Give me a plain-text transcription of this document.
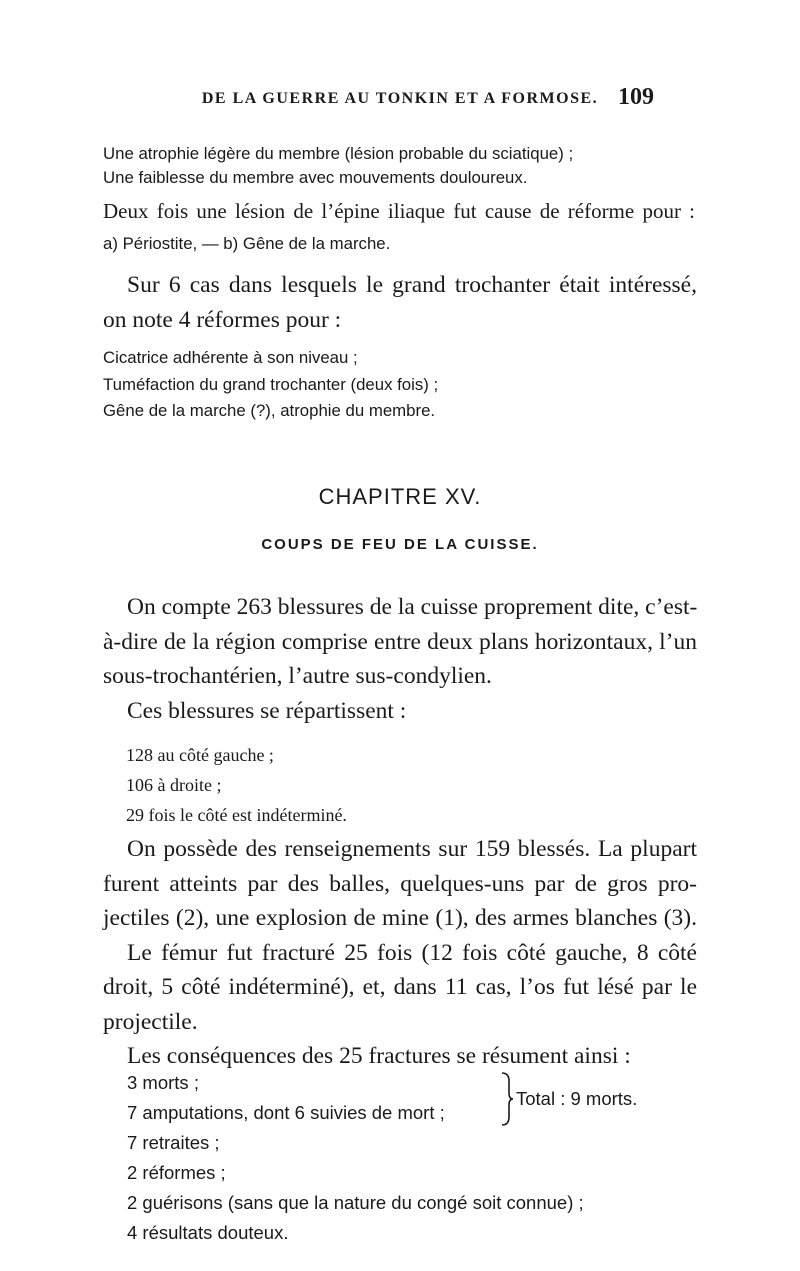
DE LA GUERRE AU TONKIN ET A FORMOSE. 109
Une atrophie légère du membre (lésion probable du sciatique) ;
Une faiblesse du membre avec mouvements douloureux.
Deux fois une lésion de l’épine iliaque fut cause de réforme pour :
a) Périostite, — b) Gêne de la marche.
Sur 6 cas dans lesquels le grand trochanter était intéressé,
on note 4 réformes pour :
Cicatrice adhérente à son niveau ;
Tuméfaction du grand trochanter (deux fois) ;
Gêne de la marche (?), atrophie du membre.
CHAPITRE XV.
COUPS DE FEU DE LA CUISSE.
On compte 263 blessures de la cuisse proprement dite, c’est-
à-dire de la région comprise entre deux plans horizontaux, l’un
sous-trochantérien, l’autre sus-condylien.
Ces blessures se répartissent :
128 au côté gauche ;
106 à droite ;
29 fois le côté est indéterminé.
On possède des renseignements sur 159 blessés. La plupart
furent atteints par des balles, quelques-uns par de gros pro-
jectiles (2), une explosion de mine (1), des armes blanches (3).
Le fémur fut fracturé 25 fois (12 fois côté gauche, 8 côté
droit, 5 côté indéterminé), et, dans 11 cas, l’os fut lésé par le
projectile.
Les conséquences des 25 fractures se résument ainsi :
3 morts ;
7 amputations, dont 6 suivies de mort ;
7 retraites ;
2 réformes ;
2 guérisons (sans que la nature du congé soit connue) ;
4 résultats douteux.
Total : 9 morts.
